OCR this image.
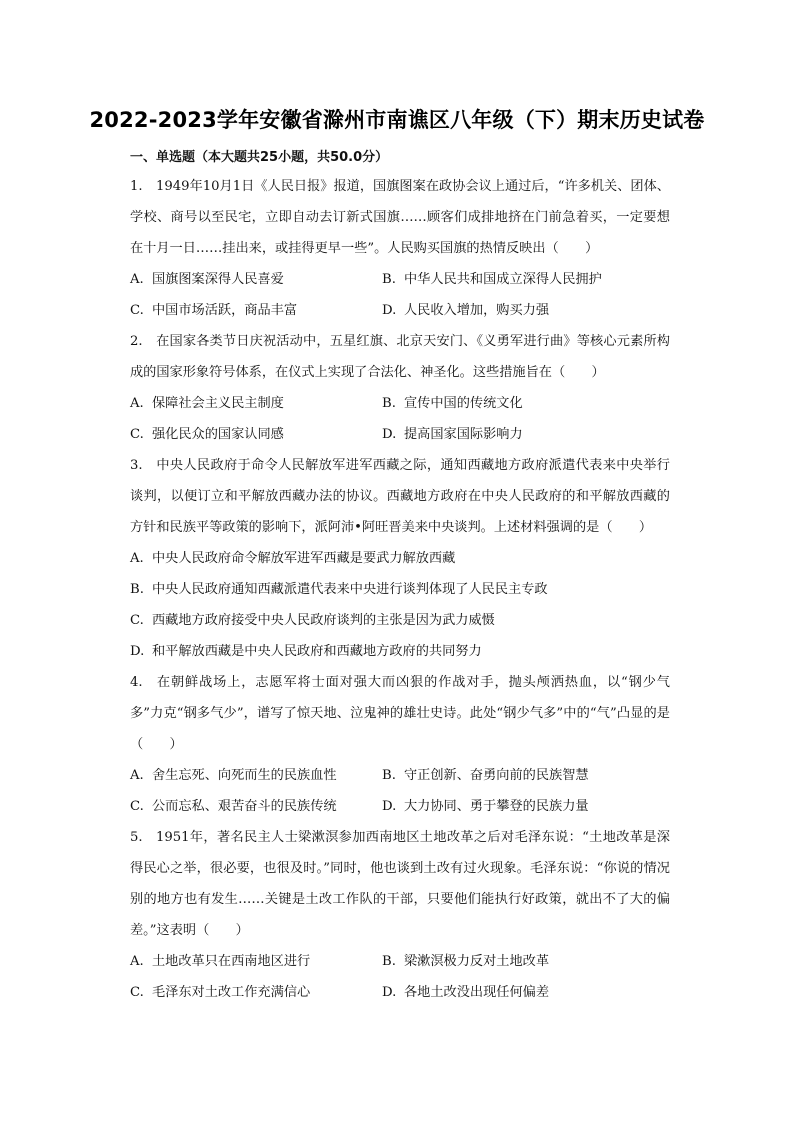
2022-2023学年安徽省滁州市南谯区八年级（下）期末历史试卷
一、单选题（本大题共25小题，共50.0分）

1. 1949年10月1日《人民日报》报道，国旗图案在政协会议上通过后，“许多机关、团体、学校、商号以至民宅，立即自动去订新式国旗……顾客们成排地挤在门前急着买，一定要想在十月一日……挂出来，或挂得更早一些”。人民购买国旗的热情反映出（　　）

A. 国旗图案深得人民喜爱	B. 中华人民共和国成立深得人民拥护
C. 中国市场活跃，商品丰富	D. 人民收入增加，购买力强

2. 在国家各类节日庆祝活动中，五星红旗、北京天安门、《义勇军进行曲》等核心元素所构成的国家形象符号体系，在仪式上实现了合法化、神圣化。这些措施旨在（　　）

A. 保障社会主义民主制度	B. 宣传中国的传统文化
C. 强化民众的国家认同感	D. 提高国家国际影响力

3. 中央人民政府于命令人民解放军进军西藏之际，通知西藏地方政府派遣代表来中央举行谈判，以便订立和平解放西藏办法的协议。西藏地方政府在中央人民政府的和平解放西藏的方针和民族平等政策的影响下，派阿沛•阿旺晋美来中央谈判。上述材料强调的是（　　）

A. 中央人民政府命令解放军进军西藏是要武力解放西藏
B. 中央人民政府通知西藏派遣代表来中央进行谈判体现了人民民主专政
C. 西藏地方政府接受中央人民政府谈判的主张是因为武力威慑
D. 和平解放西藏是中央人民政府和西藏地方政府的共同努力

4. 在朝鲜战场上，志愿军将士面对强大而凶狠的作战对手，抛头颅洒热血，以“钢少气多”力克“钢多气少”，谱写了惊天地、泣鬼神的雄壮史诗。此处“钢少气多”中的“气”凸显的是（　　）

A. 舍生忘死、向死而生的民族血性	B. 守正创新、奋勇向前的民族智慧
C. 公而忘私、艰苦奋斗的民族传统	D. 大力协同、勇于攀登的民族力量

5. 1951年，著名民主人士梁漱溟参加西南地区土地改革之后对毛泽东说：“土地改革是深得民心之举，很必要，也很及时。”同时，他也谈到土改有过火现象。毛泽东说：“你说的情况别的地方也有发生……关键是土改工作队的干部，只要他们能执行好政策，就出不了大的偏差。”这表明（　　）

A. 土地改革只在西南地区进行	B. 梁漱溟极力反对土地改革
C. 毛泽东对土改工作充满信心	D. 各地土改没出现任何偏差
